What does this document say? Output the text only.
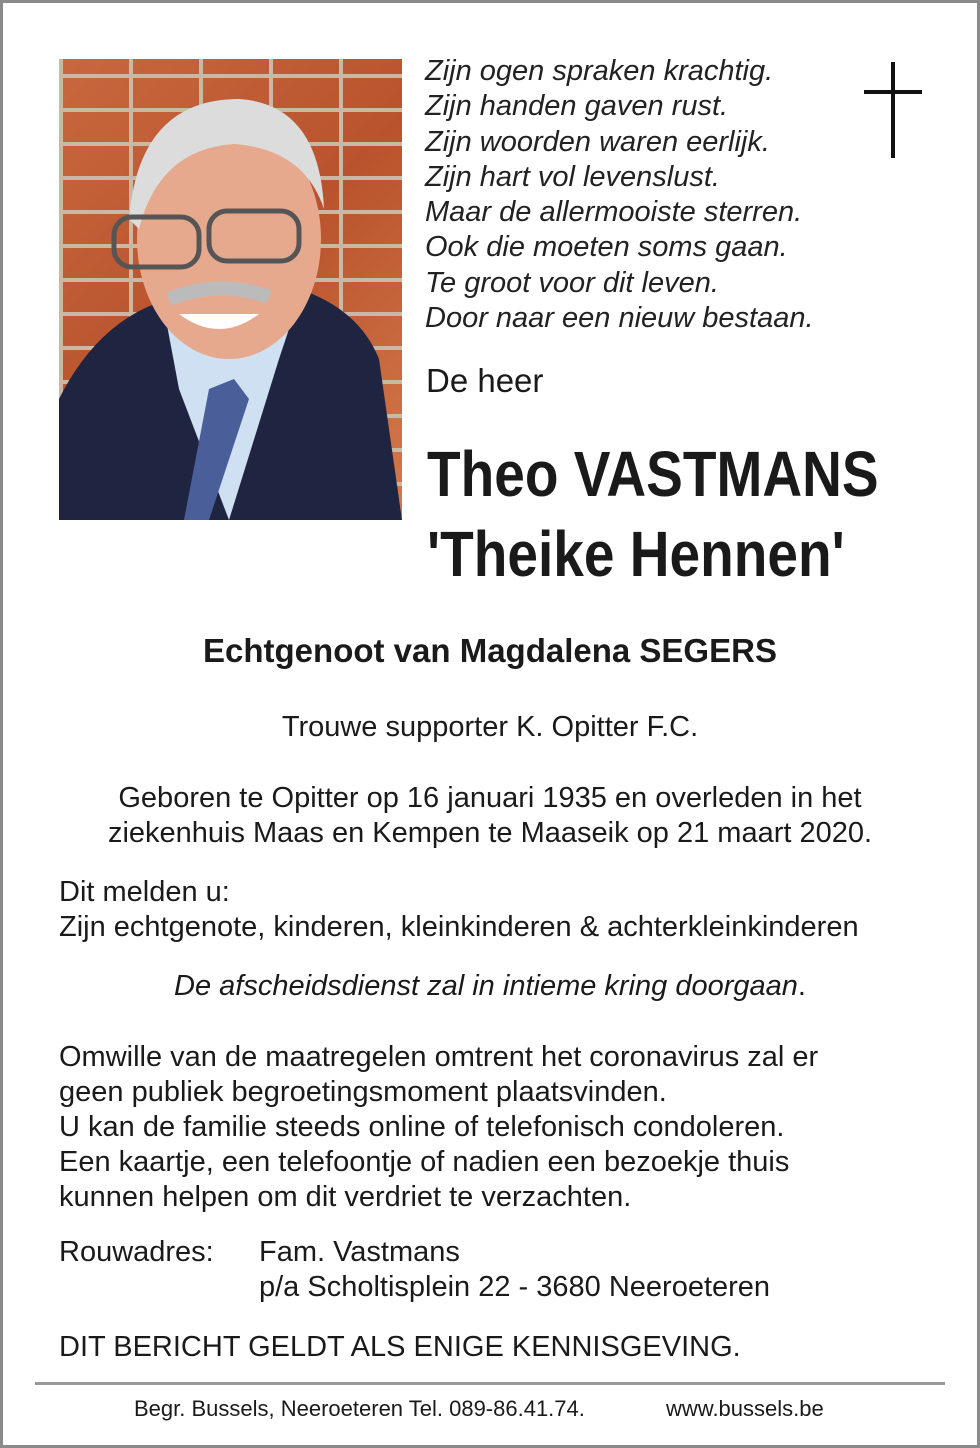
Zijn ogen spraken krachtig.
Zijn handen gaven rust.
Zijn woorden waren eerlijk.
Zijn hart vol levenslust.
Maar de allermooiste sterren.
Ook die moeten soms gaan.
Te groot voor dit leven.
Door naar een nieuw bestaan.
De heer
Theo VASTMANS
'Theike Hennen'
Echtgenoot van Magdalena SEGERS
Trouwe supporter K. Opitter F.C.
Geboren te Opitter op 16 januari 1935 en overleden in het
ziekenhuis Maas en Kempen te Maaseik op 21 maart 2020.
Dit melden u:
Zijn echtgenote, kinderen, kleinkinderen & achterkleinkinderen
De afscheidsdienst zal in intieme kring doorgaan.
Omwille van de maatregelen omtrent het coronavirus zal er
geen publiek begroetingsmoment plaatsvinden.
U kan de familie steeds online of telefonisch condoleren.
Een kaartje, een telefoontje of nadien een bezoekje thuis
kunnen helpen om dit verdriet te verzachten.
Rouwadres: Fam. Vastmans
p/a Scholtisplein 22 - 3680 Neeroeteren
DIT BERICHT GELDT ALS ENIGE KENNISGEVING.
Begr. Bussels, Neeroeteren Tel. 089-86.41.74.	www.bussels.be
